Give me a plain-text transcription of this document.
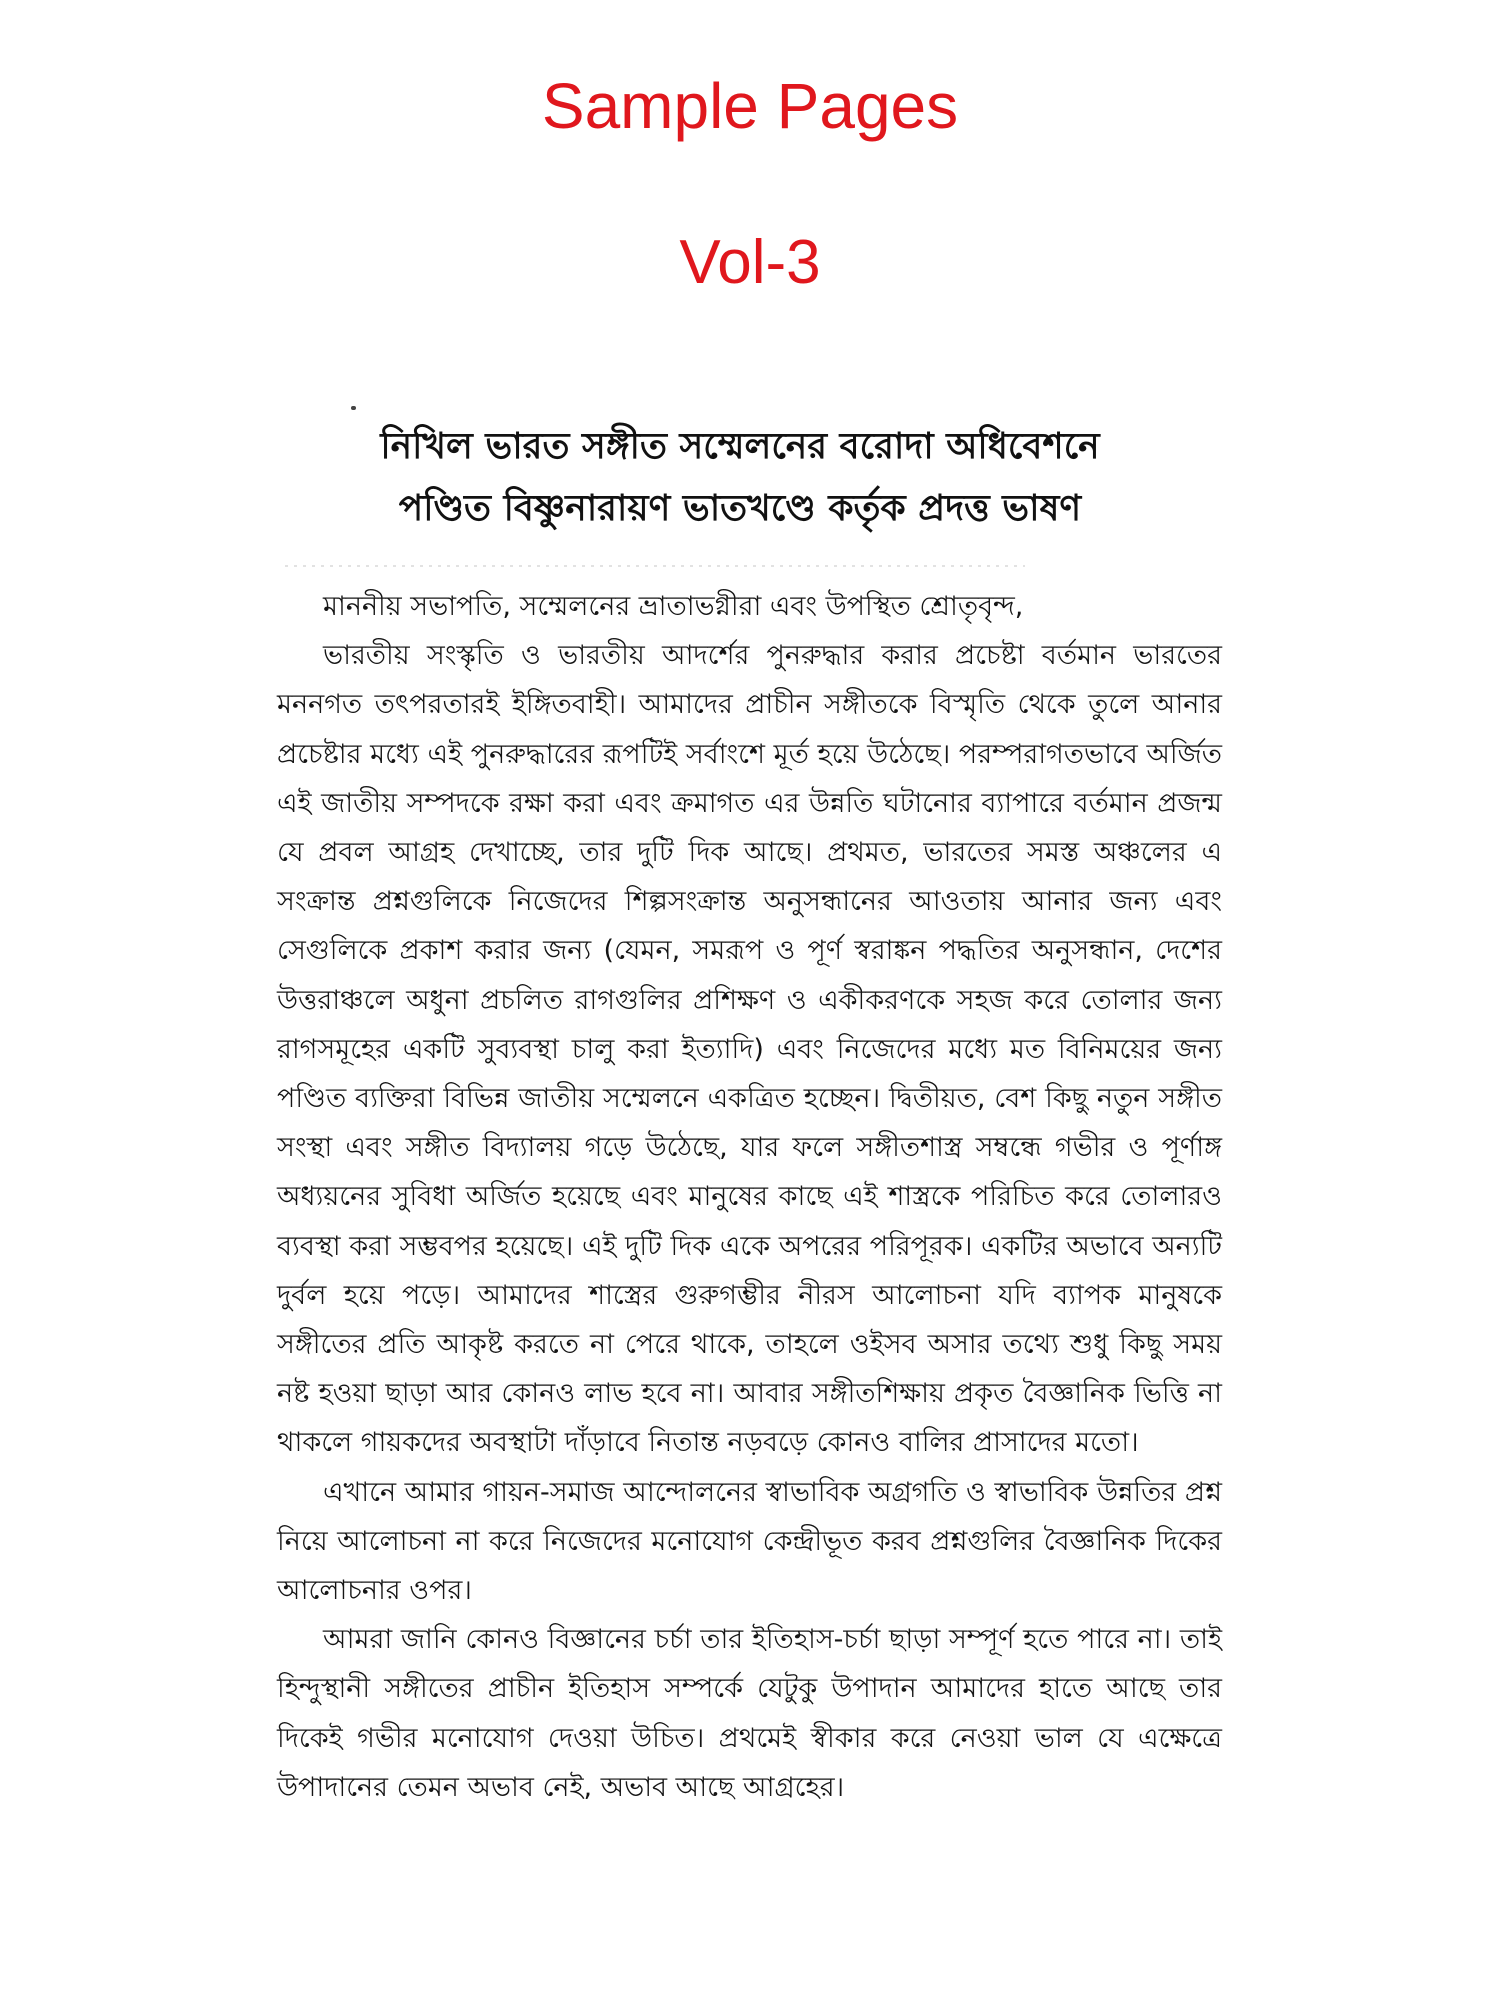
Sample Pages
Vol-3
নিখিল ভারত সঙ্গীত সম্মেলনের বরোদা অধিবেশনে
পণ্ডিত বিষ্ণুনারায়ণ ভাতখণ্ডে কর্তৃক প্রদত্ত ভাষণ

মাননীয় সভাপতি, সম্মেলনের ভ্রাতাভগ্নীরা এবং উপস্থিত শ্রোতৃবৃন্দ,

ভারতীয় সংস্কৃতি ও ভারতীয় আদর্শের পুনরুদ্ধার করার প্রচেষ্টা বর্তমান ভারতের মননগত তৎপরতারই ইঙ্গিতবাহী। আমাদের প্রাচীন সঙ্গীতকে বিস্মৃতি থেকে তুলে আনার প্রচেষ্টার মধ্যে এই পুনরুদ্ধারের রূপটিই সর্বাংশে মূর্ত হয়ে উঠেছে। পরম্পরাগতভাবে অর্জিত এই জাতীয় সম্পদকে রক্ষা করা এবং ক্রমাগত এর উন্নতি ঘটানোর ব্যাপারে বর্তমান প্রজন্ম যে প্রবল আগ্রহ দেখাচ্ছে, তার দুটি দিক আছে। প্রথমত, ভারতের সমস্ত অঞ্চলের এ সংক্রান্ত প্রশ্নগুলিকে নিজেদের শিল্পসংক্রান্ত অনুসন্ধানের আওতায় আনার জন্য এবং সেগুলিকে প্রকাশ করার জন্য (যেমন, সমরূপ ও পূর্ণ স্বরাঙ্কন পদ্ধতির অনুসন্ধান, দেশের উত্তরাঞ্চলে অধুনা প্রচলিত রাগগুলির প্রশিক্ষণ ও একীকরণকে সহজ করে তোলার জন্য রাগসমূহের একটি সুব্যবস্থা চালু করা ইত্যাদি) এবং নিজেদের মধ্যে মত বিনিময়ের জন্য পণ্ডিত ব্যক্তিরা বিভিন্ন জাতীয় সম্মেলনে একত্রিত হচ্ছেন। দ্বিতীয়ত, বেশ কিছু নতুন সঙ্গীত সংস্থা এবং সঙ্গীত বিদ্যালয় গড়ে উঠেছে, যার ফলে সঙ্গীতশাস্ত্র সম্বন্ধে গভীর ও পূর্ণাঙ্গ অধ্যয়নের সুবিধা অর্জিত হয়েছে এবং মানুষের কাছে এই শাস্ত্রকে পরিচিত করে তোলারও ব্যবস্থা করা সম্ভবপর হয়েছে। এই দুটি দিক একে অপরের পরিপূরক। একটির অভাবে অন্যটি দুর্বল হয়ে পড়ে। আমাদের শাস্ত্রের গুরুগম্ভীর নীরস আলোচনা যদি ব্যাপক মানুষকে সঙ্গীতের প্রতি আকৃষ্ট করতে না পেরে থাকে, তাহলে ওইসব অসার তথ্যে শুধু কিছু সময় নষ্ট হওয়া ছাড়া আর কোনও লাভ হবে না। আবার সঙ্গীতশিক্ষায় প্রকৃত বৈজ্ঞানিক ভিত্তি না থাকলে গায়কদের অবস্থাটা দাঁড়াবে নিতান্ত নড়বড়ে কোনও বালির প্রাসাদের মতো।

এখানে আমার গায়ন-সমাজ আন্দোলনের স্বাভাবিক অগ্রগতি ও স্বাভাবিক উন্নতির প্রশ্ন নিয়ে আলোচনা না করে নিজেদের মনোযোগ কেন্দ্রীভূত করব প্রশ্নগুলির বৈজ্ঞানিক দিকের আলোচনার ওপর।

আমরা জানি কোনও বিজ্ঞানের চর্চা তার ইতিহাস-চর্চা ছাড়া সম্পূর্ণ হতে পারে না। তাই হিন্দুস্থানী সঙ্গীতের প্রাচীন ইতিহাস সম্পর্কে যেটুকু উপাদান আমাদের হাতে আছে তার দিকেই গভীর মনোযোগ দেওয়া উচিত। প্রথমেই স্বীকার করে নেওয়া ভাল যে এক্ষেত্রে উপাদানের তেমন অভাব নেই, অভাব আছে আগ্রহের।
